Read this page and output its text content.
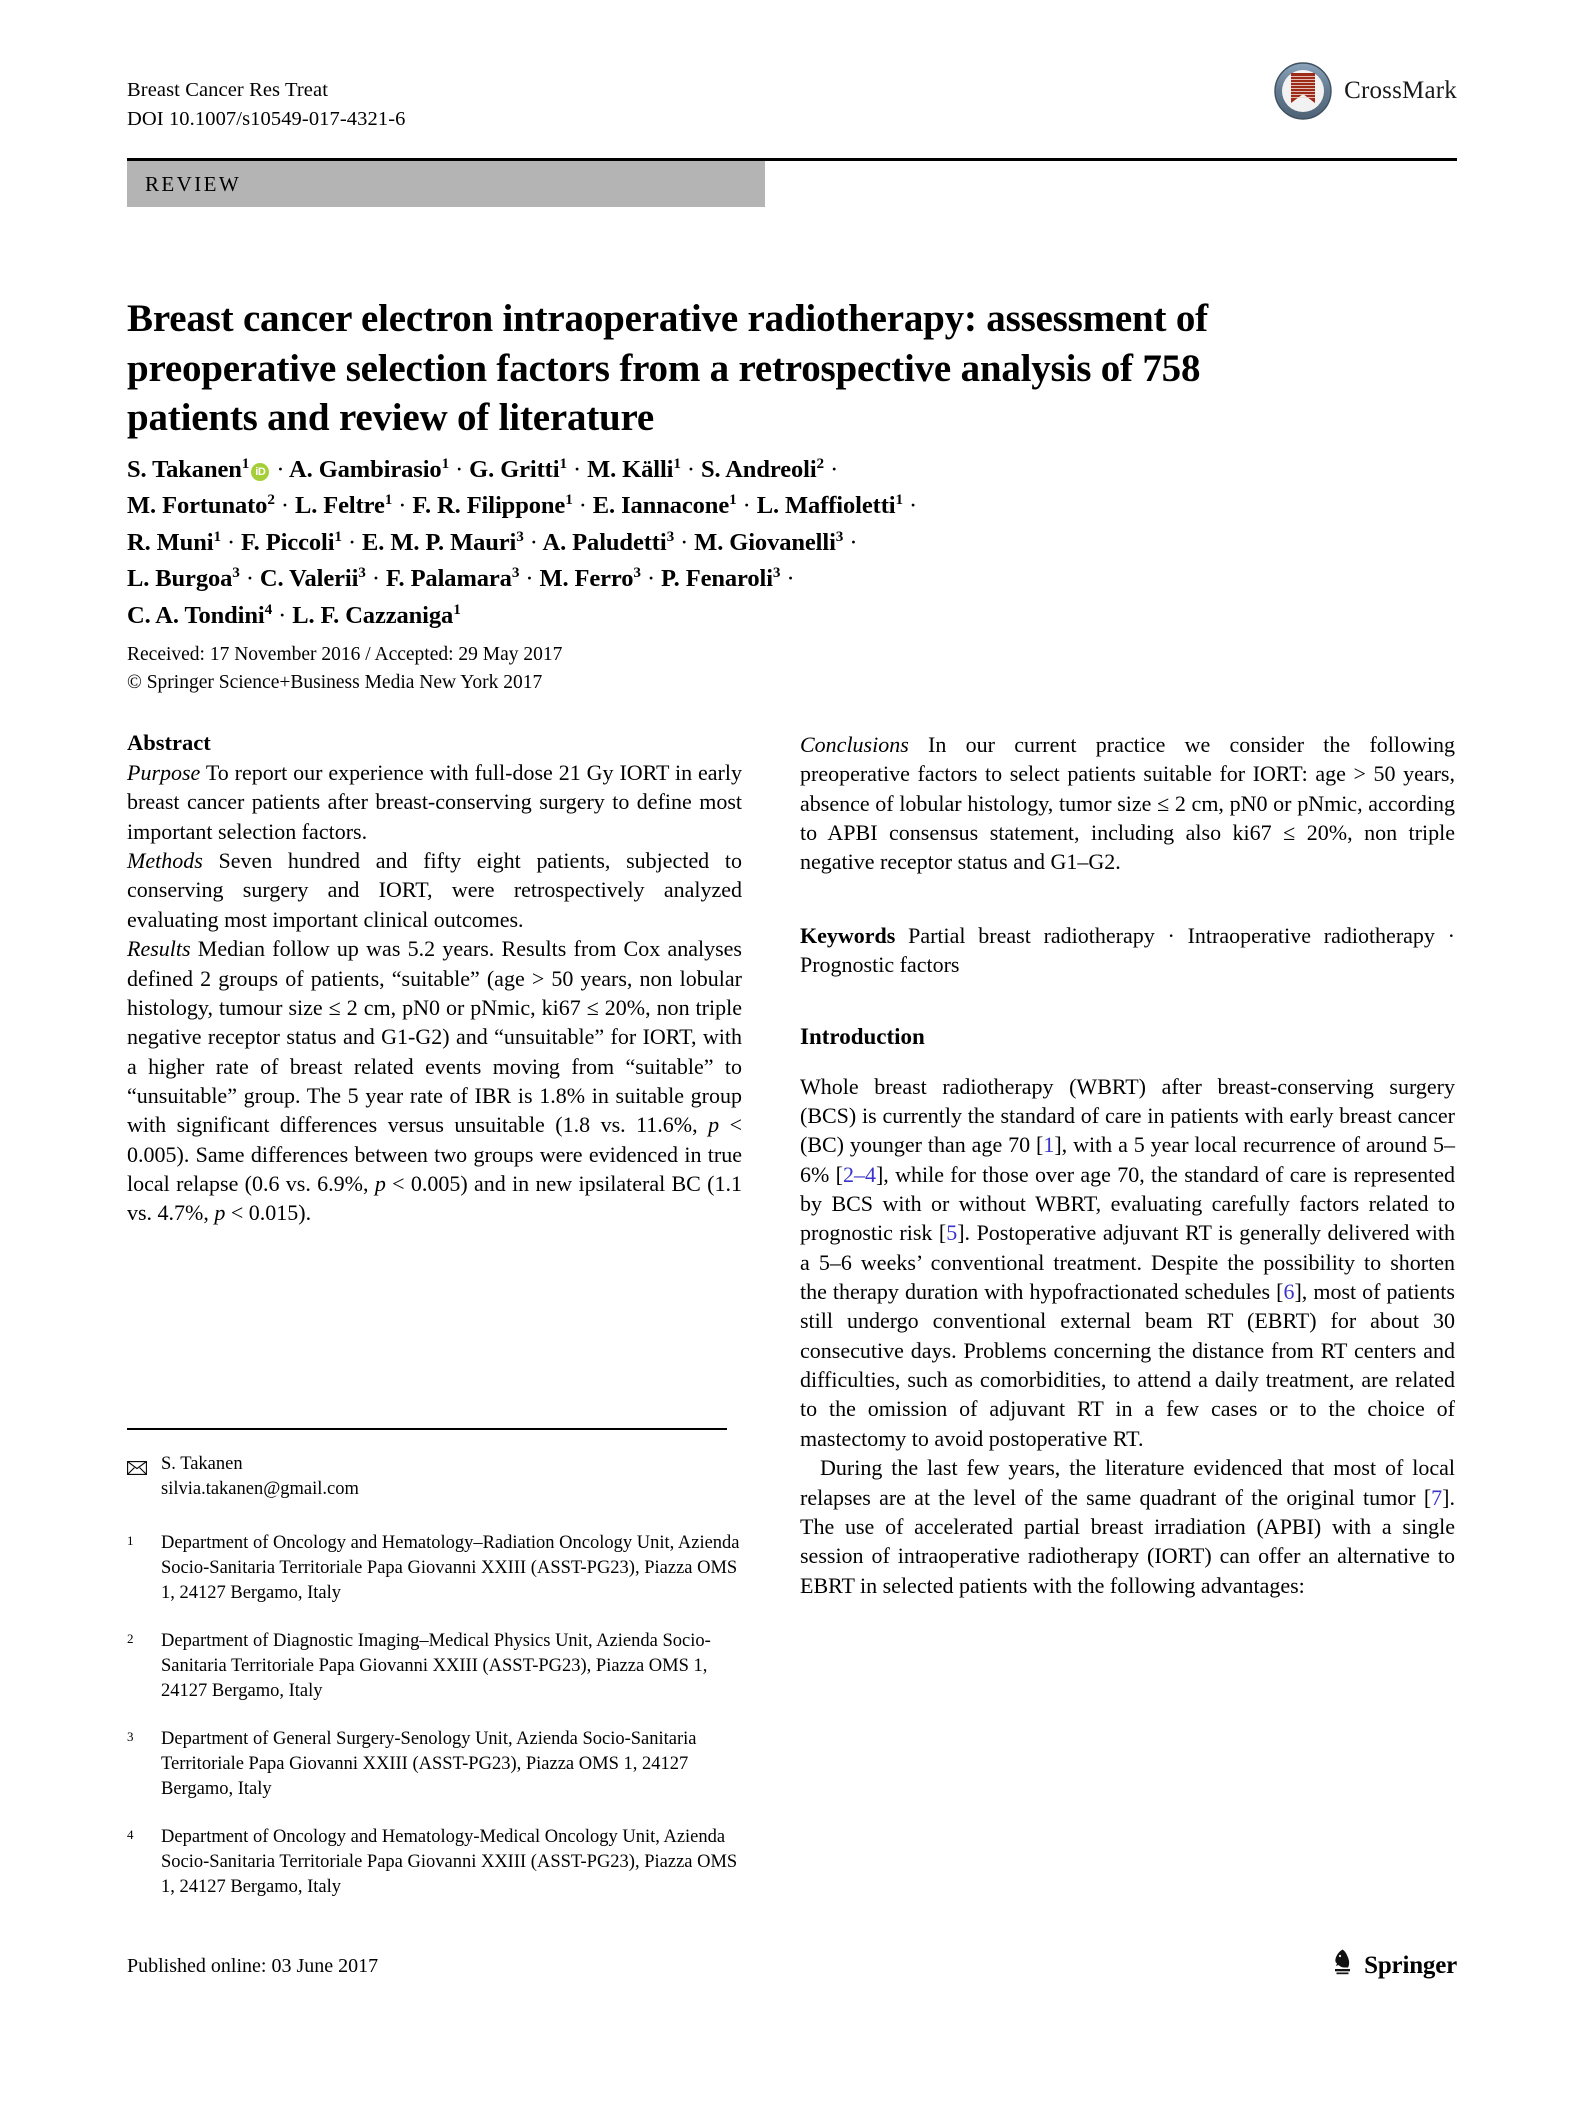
Breast Cancer Res Treat
DOI 10.1007/s10549-017-4321-6
CrossMark
REVIEW
Breast cancer electron intraoperative radiotherapy: assessment of preoperative selection factors from a retrospective analysis of 758 patients and review of literature
S. Takanen$^1$iD · A. Gambirasio$^1$ · G. Gritti$^1$ · M. Källi$^1$ · S. Andreoli$^2$ ·
M. Fortunato$^2$ · L. Feltre$^1$ · F. R. Filippone$^1$ · E. Iannacone$^1$ · L. Maffioletti$^1$ ·
R. Muni$^1$ · F. Piccoli$^1$ · E. M. P. Mauri$^3$ · A. Paludetti$^3$ · M. Giovanelli$^3$ ·
L. Burgoa$^3$ · C. Valerii$^3$ · F. Palamara$^3$ · M. Ferro$^3$ · P. Fenaroli$^3$ ·
C. A. Tondini$^4$ · L. F. Cazzaniga$^1$
Received: 17 November 2016 / Accepted: 29 May 2017
© Springer Science+Business Media New York 2017
Abstract

Purpose To report our experience with full-dose 21 Gy IORT in early breast cancer patients after breast-conserving surgery to define most important selection factors.

Methods Seven hundred and fifty eight patients, subjected to conserving surgery and IORT, were retrospectively analyzed evaluating most important clinical outcomes.

Results Median follow up was 5.2 years. Results from Cox analyses defined 2 groups of patients, “suitable” (age > 50 years, non lobular histology, tumour size ≤ 2 cm, pN0 or pNmic, ki67 ≤ 20%, non triple negative receptor status and G1-G2) and “unsuitable” for IORT, with a higher rate of breast related events moving from “suitable” to “unsuitable” group. The 5 year rate of IBR is 1.8% in suitable group with significant differences versus unsuitable (1.8 vs. 11.6%, p < 0.005). Same differences between two groups were evidenced in true local relapse (0.6 vs. 6.9%, p < 0.005) and in new ipsilateral BC (1.1 vs. 4.7%, p < 0.015).

Conclusions In our current practice we consider the following preoperative factors to select patients suitable for IORT: age > 50 years, absence of lobular histology, tumor size ≤ 2 cm, pN0 or pNmic, according to APBI consensus statement, including also ki67 ≤ 20%, non triple negative receptor status and G1–G2.

Keywords Partial breast radiotherapy · Intraoperative radiotherapy · Prognostic factors

Introduction

Whole breast radiotherapy (WBRT) after breast-conserving surgery (BCS) is currently the standard of care in patients with early breast cancer (BC) younger than age 70 [1], with a 5 year local recurrence of around 5–6% [2–4], while for those over age 70, the standard of care is represented by BCS with or without WBRT, evaluating carefully factors related to prognostic risk [5]. Postoperative adjuvant RT is generally delivered with a 5–6 weeks’ conventional treatment. Despite the possibility to shorten the therapy duration with hypofractionated schedules [6], most of patients still undergo conventional external beam RT (EBRT) for about 30 consecutive days. Problems concerning the distance from RT centers and difficulties, such as comorbidities, to attend a daily treatment, are related to the omission of adjuvant RT in a few cases or to the choice of mastectomy to avoid postoperative RT.

During the last few years, the literature evidenced that most of local relapses are at the level of the same quadrant of the original tumor [7]. The use of accelerated partial breast irradiation (APBI) with a single session of intraoperative radiotherapy (IORT) can offer an alternative to EBRT in selected patients with the following advantages:

S. Takanen
silvia.takanen@gmail.com
1	Department of Oncology and Hematology–Radiation Oncology Unit, Azienda Socio-Sanitaria Territoriale Papa Giovanni XXIII (ASST-PG23), Piazza OMS 1, 24127 Bergamo, Italy
2	Department of Diagnostic Imaging–Medical Physics Unit, Azienda Socio-Sanitaria Territoriale Papa Giovanni XXIII (ASST-PG23), Piazza OMS 1, 24127 Bergamo, Italy
3	Department of General Surgery-Senology Unit, Azienda Socio-Sanitaria Territoriale Papa Giovanni XXIII (ASST-PG23), Piazza OMS 1, 24127 Bergamo, Italy
4	Department of Oncology and Hematology-Medical Oncology Unit, Azienda Socio-Sanitaria Territoriale Papa Giovanni XXIII (ASST-PG23), Piazza OMS 1, 24127 Bergamo, Italy
Published online: 03 June 2017	Springer
